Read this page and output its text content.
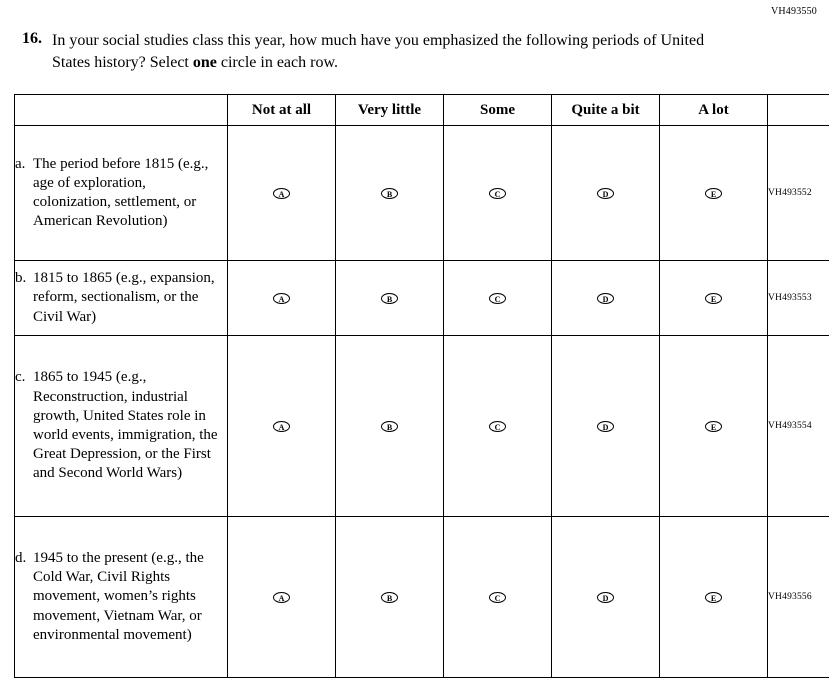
VH493550
16. In your social studies class this year, how much have you emphasized the following periods of United States history? Select one circle in each row.
	Not at all	Very little	Some	Quite a bit	A lot	

a. The period before 1815 (e.g., age of exploration, colonization, settlement, or American Revolution)	A	B	C	D	E	VH493552

b. 1815 to 1865 (e.g., expansion, reform, sectionalism, or the Civil War)	A	B	C	D	E	VH493553

c. 1865 to 1945 (e.g., Reconstruction, industrial growth, United States role in world events, immigration, the Great Depression, or the First and Second World Wars)	A	B	C	D	E	VH493554

d. 1945 to the present (e.g., the Cold War, Civil Rights movement, women’s rights movement, Vietnam War, or environmental movement)	A	B	C	D	E	VH493556
